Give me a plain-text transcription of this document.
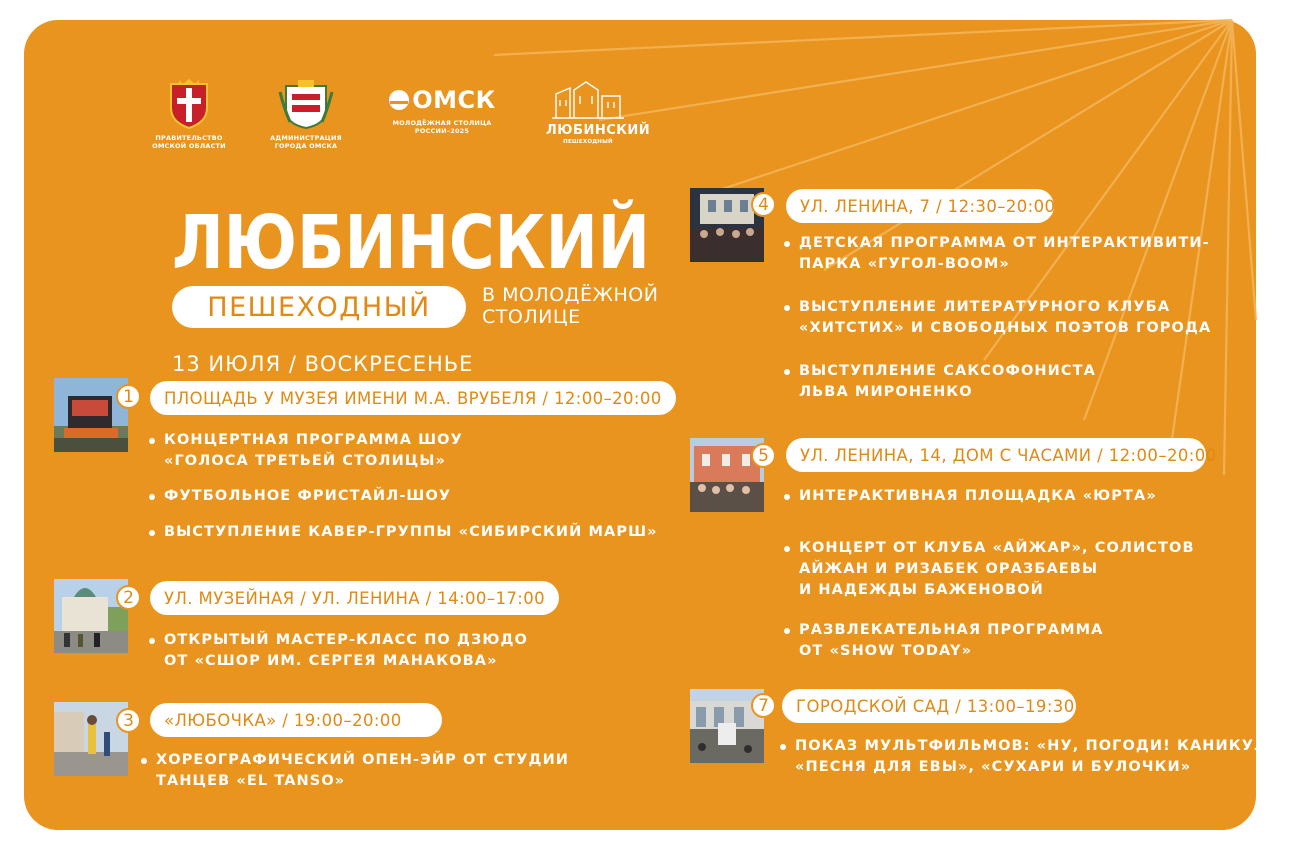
ПРАВИТЕЛЬСТВО ОМСКОЙ ОБЛАСТИ
АДМИНИСТРАЦИЯ ГОРОДА ОМСКА
ОМСК
МОЛОДЁЖНАЯ СТОЛИЦА РОССИИ–2025	ЛЮБИНСКИЙ
ПЕШЕХОДНЫЙ
ЛЮБИНСКИЙ
ПЕШЕХОДНЫЙ	В МОЛОДЁЖНОЙ
СТОЛИЦЕ
13 ИЮЛЯ / ВОСКРЕСЕНЬЕ
1	ПЛОЩАДЬ У МУЗЕЯ ИМЕНИ М.А. ВРУБЕЛЯ / 12:00–20:00
КОНЦЕРТНАЯ ПРОГРАММА ШОУ
«ГОЛОСА ТРЕТЬЕЙ СТОЛИЦЫ»
ФУТБОЛЬНОЕ ФРИСТАЙЛ-ШОУ
ВЫСТУПЛЕНИЕ КАВЕР-ГРУППЫ «СИБИРСКИЙ МАРШ»
2	УЛ. МУЗЕЙНАЯ / УЛ. ЛЕНИНА / 14:00–17:00
ОТКРЫТЫЙ МАСТЕР-КЛАСС ПО ДЗЮДО
ОТ «СШОР ИМ. СЕРГЕЯ МАНАКОВА»
3	«ЛЮБОЧКА» / 19:00–20:00
ХОРЕОГРАФИЧЕСКИЙ ОПЕН-ЭЙР ОТ СТУДИИ
ТАНЦЕВ «EL TANSO»
4	УЛ. ЛЕНИНА, 7 / 12:30–20:00
ДЕТСКАЯ ПРОГРАММА ОТ ИНТЕРАКТИВИТИ-
ПАРКА «ГУГОЛ-BOOM»
ВЫСТУПЛЕНИЕ ЛИТЕРАТУРНОГО КЛУБА
«ХИТСТИХ» И СВОБОДНЫХ ПОЭТОВ ГОРОДА
ВЫСТУПЛЕНИЕ САКСОФОНИСТА
ЛЬВА МИРОНЕНКО
5	УЛ. ЛЕНИНА, 14, ДОМ С ЧАСАМИ / 12:00–20:00
ИНТЕРАКТИВНАЯ ПЛОЩАДКА «ЮРТА»
КОНЦЕРТ ОТ КЛУБА «АЙЖАР», СОЛИСТОВ
АЙЖАН И РИЗАБЕК ОРАЗБАЕВЫ
И НАДЕЖДЫ БАЖЕНОВОЙ
РАЗВЛЕКАТЕЛЬНАЯ ПРОГРАММА
ОТ «SHOW TODAY»
7	ГОРОДСКОЙ САД / 13:00–19:30
ПОКАЗ МУЛЬТФИЛЬМОВ: «НУ, ПОГОДИ! КАНИКУЛЫ»,
«ПЕСНЯ ДЛЯ ЕВЫ», «СУХАРИ И БУЛОЧКИ»
